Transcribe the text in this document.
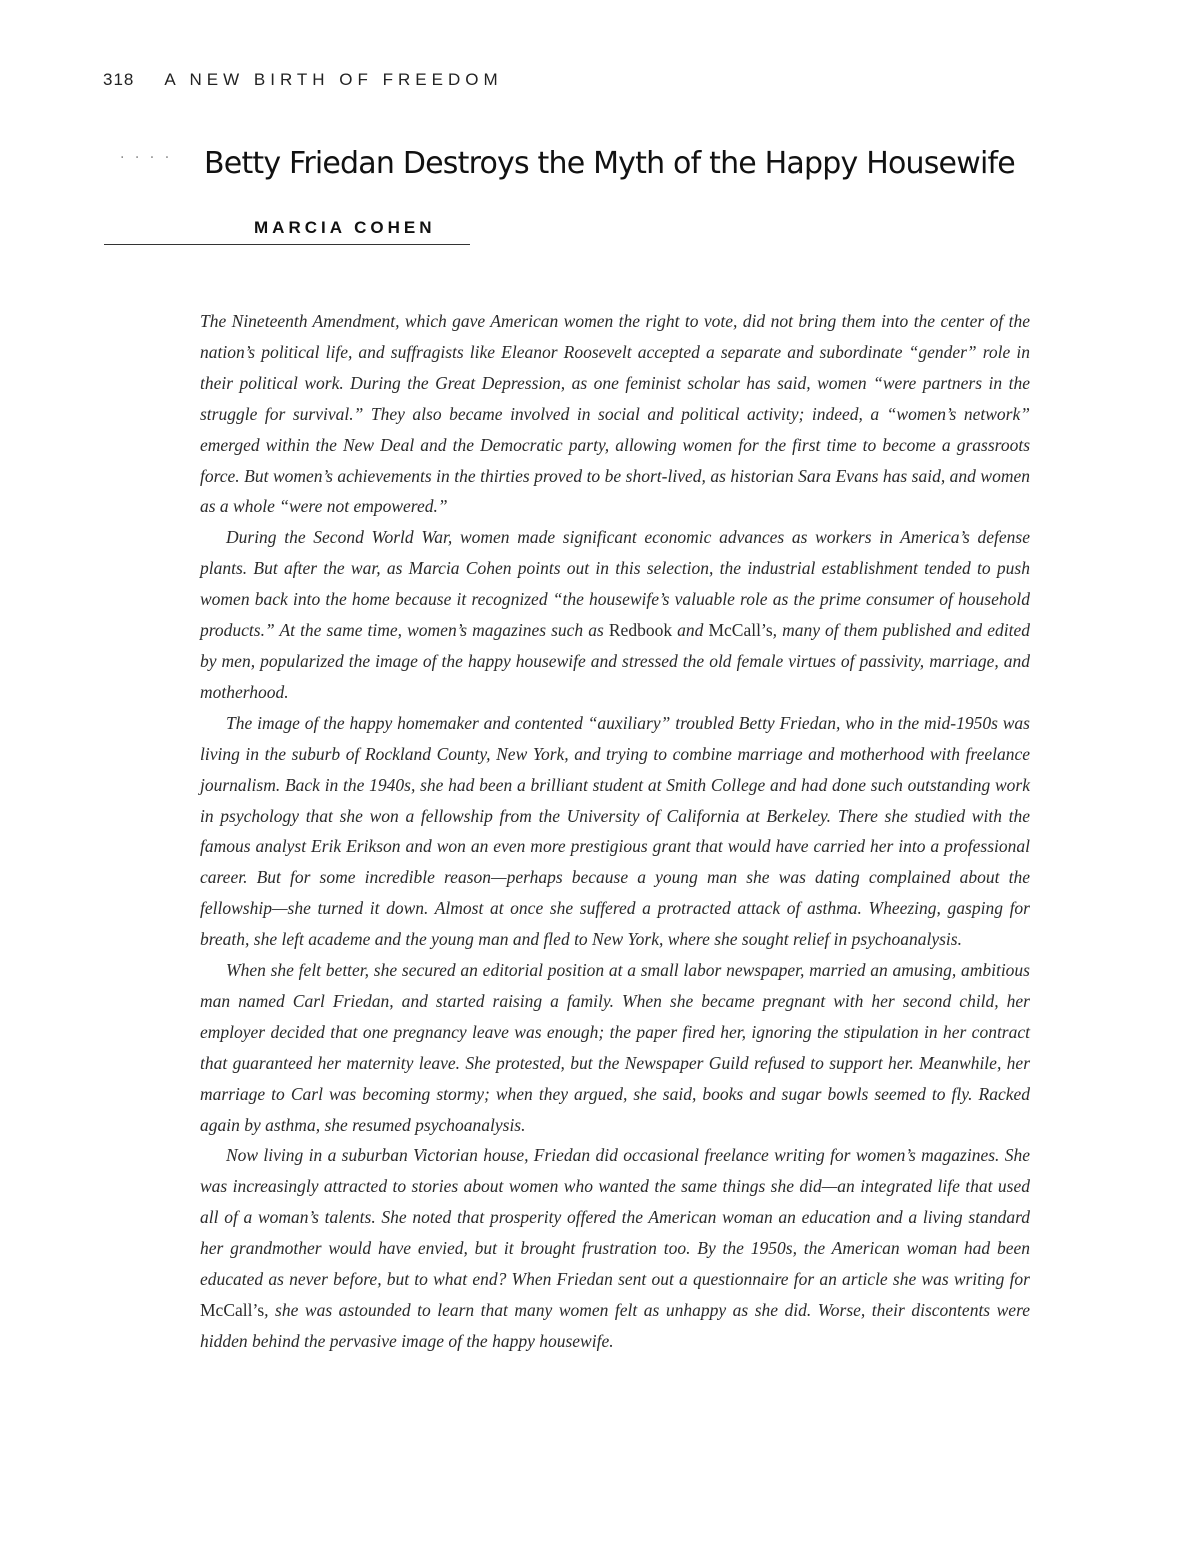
318 A NEW BIRTH OF FREEDOM
· · · · Betty Friedan Destroys the Myth of the Happy Housewife
MARCIA COHEN

The Nineteenth Amendment, which gave American women the right to vote, did not bring them into the center of the nation’s political life, and suffragists like Eleanor Roosevelt accepted a separate and subordinate “gender” role in their political work. During the Great Depression, as one feminist scholar has said, women “were partners in the struggle for survival.” They also became involved in social and political activity; indeed, a “women’s network” emerged within the New Deal and the Democratic party, allowing women for the first time to become a grassroots force. But women’s achievements in the thirties proved to be short-lived, as historian Sara Evans has said, and women as a whole “were not empowered.”

During the Second World War, women made significant economic advances as workers in America’s defense plants. But after the war, as Marcia Cohen points out in this selection, the industrial establishment tended to push women back into the home because it recognized “the housewife’s valuable role as the prime consumer of household products.” At the same time, women’s magazines such as Redbook and McCall’s, many of them published and edited by men, popularized the image of the happy housewife and stressed the old female virtues of passivity, marriage, and motherhood.

The image of the happy homemaker and contented “auxiliary” troubled Betty Friedan, who in the mid-1950s was living in the suburb of Rockland County, New York, and trying to combine marriage and motherhood with freelance journalism. Back in the 1940s, she had been a brilliant student at Smith College and had done such outstanding work in psychology that she won a fellowship from the University of California at Berkeley. There she studied with the famous analyst Erik Erikson and won an even more prestigious grant that would have carried her into a professional career. But for some incredible reason—perhaps because a young man she was dating complained about the fellowship—she turned it down. Almost at once she suffered a protracted attack of asthma. Wheezing, gasping for breath, she left academe and the young man and fled to New York, where she sought relief in psychoanalysis.

When she felt better, she secured an editorial position at a small labor newspaper, married an amusing, ambitious man named Carl Friedan, and started raising a family. When she became pregnant with her second child, her employer decided that one pregnancy leave was enough; the paper fired her, ignoring the stipulation in her contract that guaranteed her maternity leave. She protested, but the Newspaper Guild refused to support her. Meanwhile, her marriage to Carl was becoming stormy; when they argued, she said, books and sugar bowls seemed to fly. Racked again by asthma, she resumed psychoanalysis.

Now living in a suburban Victorian house, Friedan did occasional freelance writing for women’s magazines. She was increasingly attracted to stories about women who wanted the same things she did—an integrated life that used all of a woman’s talents. She noted that prosperity offered the American woman an education and a living standard her grandmother would have envied, but it brought frustration too. By the 1950s, the American woman had been educated as never before, but to what end? When Friedan sent out a questionnaire for an article she was writing for McCall’s, she was astounded to learn that many women felt as unhappy as she did. Worse, their discontents were hidden behind the pervasive image of the happy housewife.
